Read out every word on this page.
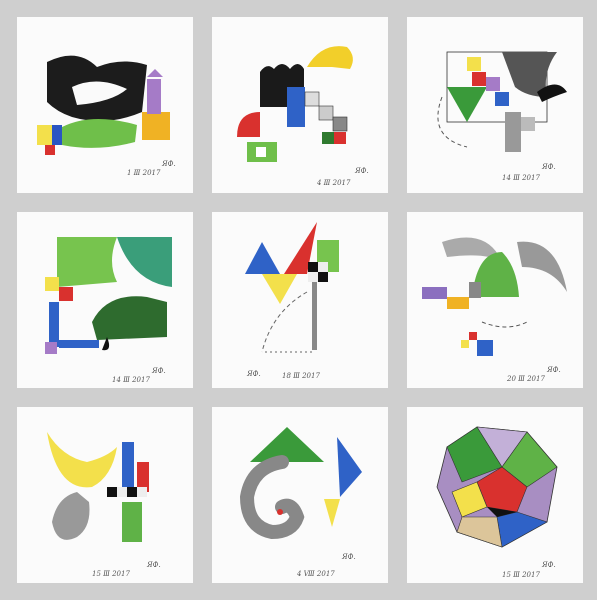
1 Ⅲ 2017
ЯФ.
4 Ⅲ 2017
ЯФ.
14 Ⅲ 2017
ЯФ.
14 Ⅲ 2017
ЯФ.
18 Ⅲ 2017
ЯФ.
20 Ⅲ 2017
ЯФ.
15 Ⅲ 2017
ЯФ.
4 Ⅷ 2017
ЯФ.
15 Ⅲ 2017
ЯФ.
